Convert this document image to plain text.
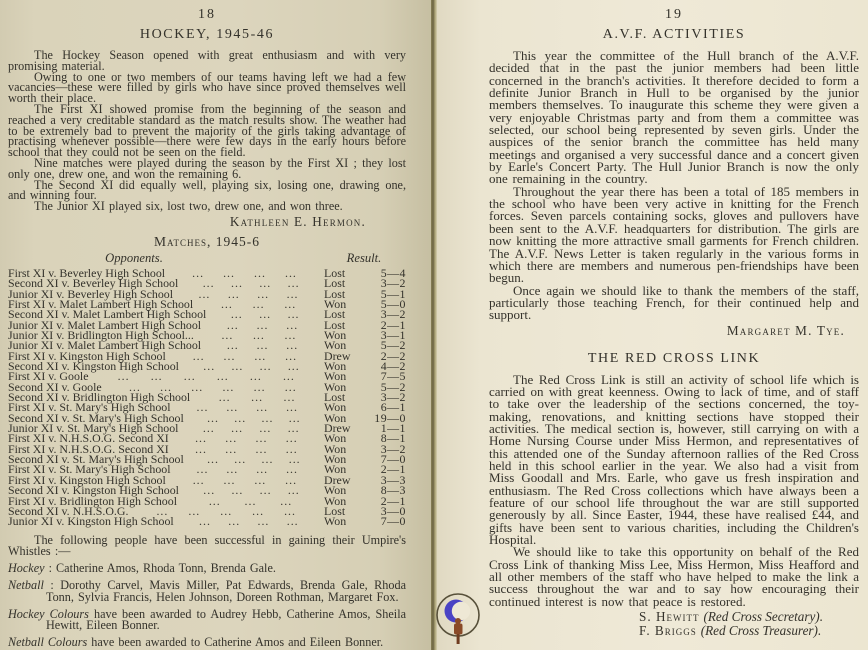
18
HOCKEY, 1945-46

The Hockey Season opened with great enthusiasm and with very promising material.

Owing to one or two members of our teams having left we had a few vacancies—these were filled by girls who have since proved themselves well worth their place.

The First XI showed promise from the beginning of the season and reached a very creditable standard as the match results show. The weather had to be extremely bad to prevent the majority of the girls taking advantage of practising whenever possible—there were few days in the early hours before school that they could not be seen on the field.

Nine matches were played during the season by the First XI ; they lost only one, drew one, and won the remaining 6.

The Second XI did equally well, playing six, losing one, drawing one, and winning four.

The Junior XI played six, lost two, drew one, and won three.

Kathleen E. Hermon.
Matches, 1945-6
Opponents.	Result.
First XI v. Beverley High School ... ... ... ... Lost	5—4
Second XI v. Beverley High School ... ... ... ... Lost	3—2
Junior XI v. Beverley High School ... ... ... ... Lost	5—1
First XI v. Malet Lambert High School ... ... ... Won	5—0
Second XI v. Malet Lambert High School ... ... ... Lost	3—2
Junior XI v. Malet Lambert High School ... ... ... Lost	2—1
Junior XI v. Bridlington High School... ... ... ... Won	3—1
Junior XI v. Malet Lambert High School ... ... ... Won	5—2
First XI v. Kingston High School ... ... ... ... Drew	2—2
Second XI v. Kingston High School ... ... ... ... Won	4—2
First XI v. Goole ... ... ... ... ... ... Won	7—5
Second XI v. Goole ... ... ... ... ... ... Won	5—2
Second XI v. Bridlington High School ... ... ... Lost	3—2
First XI v. St. Mary's High School ... ... ... ... Won	6—1
Second XI v. St. Mary's High School ... ... ... ... Won	19—0
Junior XI v. St. Mary's High School ... ... ... ... Drew	1—1
First XI v. N.H.S.O.G. Second XI ... ... ... ... Won	8—1
First XI v. N.H.S.O.G. Second XI ... ... ... ... Won	3—2
Second XI v. St. Mary's High School ... ... ... ... Won	7—0
First XI v. St. Mary's High School ... ... ... ... Won	2—1
First XI v. Kingston High School ... ... ... ... Drew	3—3
Second XI v. Kingston High School ... ... ... ... Won	8—3
First XI v. Bridlington High School	... ... ...	Won	2—1
Second XI v. N.H.S.O.G. ... ... ... ... ... Lost	3—0
Junior XI v. Kingston High School ... ... ... ... Won	7—0

The following people have been successful in gaining their Umpire's Whistles :—

Hockey : Catherine Amos, Rhoda Tonn, Brenda Gale.

Netball : Dorothy Carvel, Mavis Miller, Pat Edwards, Brenda Gale, Rhoda Tonn, Sylvia Francis, Helen Johnson, Doreen Rothman, Margaret Fox.

Hockey Colours have been awarded to Audrey Hebb, Catherine Amos, Sheila Hewitt, Eileen Bonner.

Netball Colours have been awarded to Catherine Amos and Eileen Bonner.

19
A.V.F. ACTIVITIES

This year the committee of the Hull branch of the A.V.F. decided that in the past the junior members had been little concerned in the branch's activities. It therefore decided to form a definite Junior Branch in Hull to be organised by the junior members themselves. To inaugurate this scheme they were given a very enjoyable Christmas party and from them a committee was selected, our school being represented by seven girls. Under the auspices of the senior branch the committee has held many meetings and organised a very successful dance and a concert given by Earle's Concert Party. The Hull Junior Branch is now the only one remaining in the country.

Throughout the year there has been a total of 185 members in the school who have been very active in knitting for the French forces. Seven parcels containing socks, gloves and pullovers have been sent to the A.V.F. headquarters for distribution. The girls are now knitting the more attractive small garments for French children. The A.V.F. News Letter is taken regularly in the various forms in which there are members and numerous pen-friendships have been begun.

Once again we should like to thank the members of the staff, particularly those teaching French, for their continued help and support.

Margaret M. Tye.
THE RED CROSS LINK

The Red Cross Link is still an activity of school life which is carried on with great keenness. Owing to lack of time, and of staff to take over the leadership of the sections concerned, the toy-making, renovations, and knitting sections have stopped their activities. The medical section is, however, still carrying on with a Home Nursing Course under Miss Hermon, and representatives of this attended one of the Sunday afternoon rallies of the Red Cross held in this school earlier in the year. We also had a visit from Miss Goodall and Mrs. Earle, who gave us fresh inspiration and enthusiasm. The Red Cross collections which have always been a feature of our school life throughout the war are still supported generously by all. Since Easter, 1944, these have realised £44, and gifts have been sent to various charities, including the Children's Hospital.

We should like to take this opportunity on behalf of the Red Cross Link of thanking Miss Lee, Miss Hermon, Miss Heafford and all other members of the staff who have helped to make the link a success throughout the war and to say how encouraging their continued interest is now that peace is restored.

S. Hewitt (Red Cross Secretary).
F. Briggs (Red Cross Treasurer).
